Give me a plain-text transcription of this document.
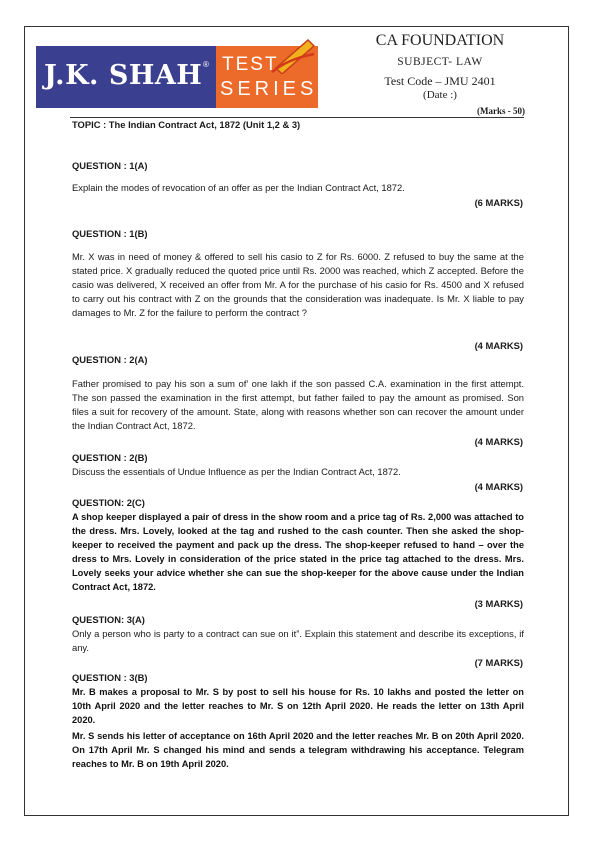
J.K. SHAH ® TEST
SERIES
CA FOUNDATION
SUBJECT- LAW
Test Code – JMU 2401
(Date :)
(Marks - 50)
TOPIC : The Indian Contract Act, 1872 (Unit 1,2 & 3)
QUESTION : 1(A)
Explain the modes of revocation of an offer as per the Indian Contract Act, 1872.
(6 MARKS)
QUESTION : 1(B)
Mr. X was in need of money & offered to sell his casio to Z for Rs. 6000. Z refused to buy the same at the stated price. X gradually reduced the quoted price until Rs. 2000 was reached, which Z accepted. Before the casio was delivered, X received an offer from Mr. A for the purchase of his casio for Rs. 4500 and X refused to carry out his contract with Z on the grounds that the consideration was inadequate. Is Mr. X liable to pay damages to Mr. Z for the failure to perform the contract ?
(4 MARKS)
QUESTION : 2(A)
Father promised to pay his son a sum of’ one lakh if the son passed C.A. examination in the first attempt. The son passed the examination in the first attempt, but father failed to pay the amount as promised. Son files a suit for recovery of the amount. State, along with reasons whether son can recover the amount under the Indian Contract Act, 1872.
(4 MARKS)
QUESTION : 2(B)
Discuss the essentials of Undue Influence as per the Indian Contract Act, 1872.
(4 MARKS)
QUESTION: 2(C)
A shop keeper displayed a pair of dress in the show room and a price tag of Rs. 2,000 was attached to the dress. Mrs. Lovely, looked at the tag and rushed to the cash counter. Then she asked the shop-keeper to received the payment and pack up the dress. The shop-keeper refused to hand – over the dress to Mrs. Lovely in consideration of the price stated in the price tag attached to the dress. Mrs. Lovely seeks your advice whether she can sue the shop-keeper for the above cause under the Indian Contract Act, 1872.
(3 MARKS)
QUESTION: 3(A)
Only a person who is party to a contract can sue on it”. Explain this statement and describe its exceptions, if any.
(7 MARKS)
QUESTION : 3(B)
Mr. B makes a proposal to Mr. S by post to sell his house for Rs. 10 lakhs and posted the letter on 10th April 2020 and the letter reaches to Mr. S on 12th April 2020. He reads the letter on 13th April 2020.
Mr. S sends his letter of acceptance on 16th April 2020 and the letter reaches Mr. B on 20th April 2020. On 17th April Mr. S changed his mind and sends a telegram withdrawing his acceptance. Telegram reaches to Mr. B on 19th April 2020.
